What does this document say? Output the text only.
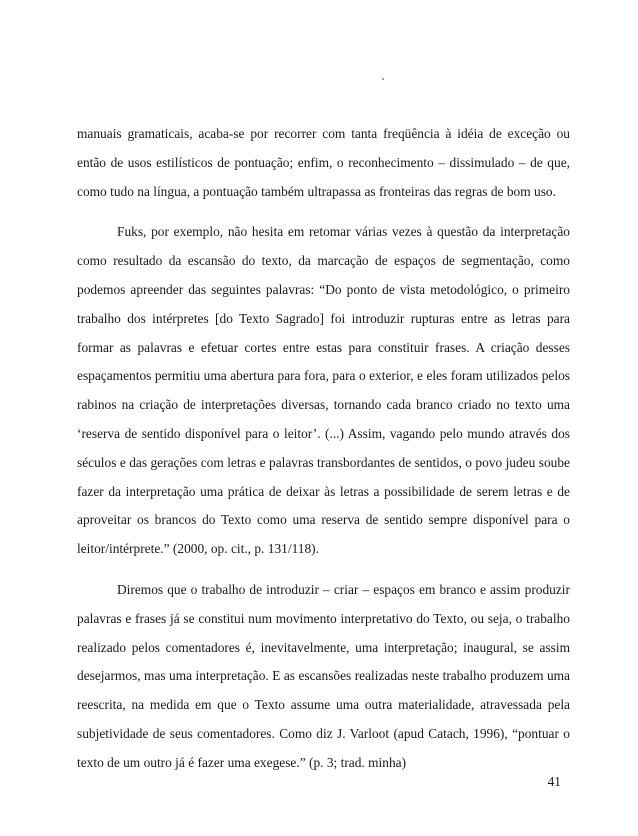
manuais gramaticais, acaba-se por recorrer com tanta freqüência à idéia de exceção ou então de usos estilísticos de pontuação; enfim, o reconhecimento – dissimulado – de que, como tudo na língua, a pontuação também ultrapassa as fronteiras das regras de bom uso.

Fuks, por exemplo, não hesita em retomar várias vezes à questão da interpretação como resultado da escansão do texto, da marcação de espaços de segmentação, como podemos apreender das seguintes palavras: “Do ponto de vista metodológico, o primeiro trabalho dos intérpretes [do Texto Sagrado] foi introduzir rupturas entre as letras para formar as palavras e efetuar cortes entre estas para constituir frases. A criação desses espaçamentos permitiu uma abertura para fora, para o exterior, e eles foram utilizados pelos rabinos na criação de interpretações diversas, tornando cada branco criado no texto uma ‘reserva de sentido disponível para o leitor’. (...) Assim, vagando pelo mundo através dos séculos e das gerações com letras e palavras transbordantes de sentidos, o povo judeu soube fazer da interpretação uma prática de deixar às letras a possibilidade de serem letras e de aproveitar os brancos do Texto como uma reserva de sentido sempre disponível para o leitor/intérprete.” (2000, op. cit., p. 131/118).

Diremos que o trabalho de introduzir – criar – espaços em branco e assim produzir palavras e frases já se constitui num movimento interpretativo do Texto, ou seja, o trabalho realizado pelos comentadores é, inevitavelmente, uma interpretação; inaugural, se assim desejarmos, mas uma interpretação. E as escansões realizadas neste trabalho produzem uma reescrita, na medida em que o Texto assume uma outra materialidade, atravessada pela subjetividade de seus comentadores. Como diz J. Varloot (apud Catach, 1996), “pontuar o texto de um outro já é fazer uma exegese.” (p. 3; trad. minha)

41
